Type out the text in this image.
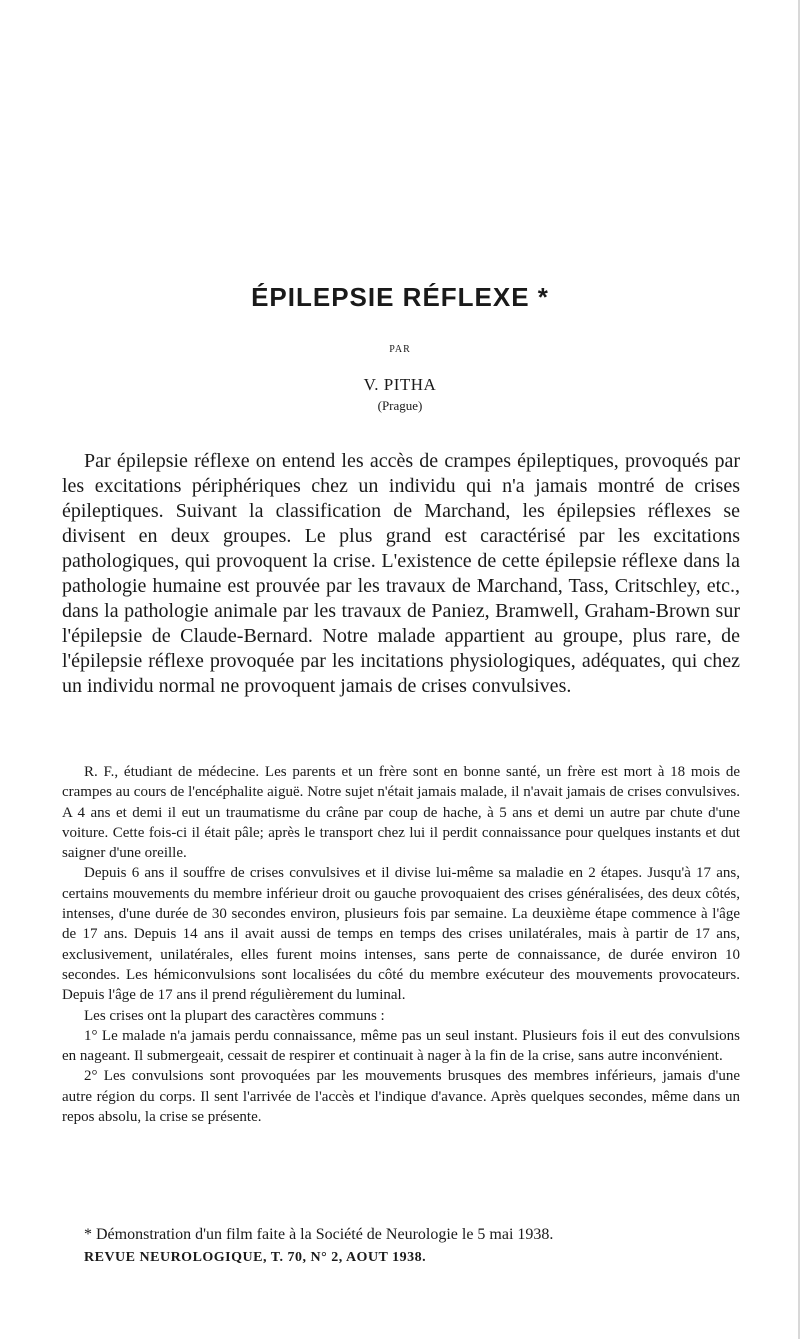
ÉPILEPSIE RÉFLEXE *
PAR
V. PITHA
(Prague)

Par épilepsie réflexe on entend les accès de crampes épileptiques, provoqués par les excitations périphériques chez un individu qui n'a jamais montré de crises épileptiques. Suivant la classification de Marchand, les épilepsies réflexes se divisent en deux groupes. Le plus grand est caractérisé par les excitations pathologiques, qui provoquent la crise. L'existence de cette épilepsie réflexe dans la pathologie humaine est prouvée par les travaux de Marchand, Tass, Critschley, etc., dans la pathologie animale par les travaux de Paniez, Bramwell, Graham-Brown sur l'épilepsie de Claude-Bernard. Notre malade appartient au groupe, plus rare, de l'épilepsie réflexe provoquée par les incitations physiologiques, adéquates, qui chez un individu normal ne provoquent jamais de crises convulsives.

R. F., étudiant de médecine. Les parents et un frère sont en bonne santé, un frère est mort à 18 mois de crampes au cours de l'encéphalite aiguë. Notre sujet n'était jamais malade, il n'avait jamais de crises convulsives. A 4 ans et demi il eut un traumatisme du crâne par coup de hache, à 5 ans et demi un autre par chute d'une voiture. Cette fois-ci il était pâle; après le transport chez lui il perdit connaissance pour quelques instants et dut saigner d'une oreille.

Depuis 6 ans il souffre de crises convulsives et il divise lui-même sa maladie en 2 étapes. Jusqu'à 17 ans, certains mouvements du membre inférieur droit ou gauche provoquaient des crises généralisées, des deux côtés, intenses, d'une durée de 30 secondes environ, plusieurs fois par semaine. La deuxième étape commence à l'âge de 17 ans. Depuis 14 ans il avait aussi de temps en temps des crises unilatérales, mais à partir de 17 ans, exclusivement, unilatérales, elles furent moins intenses, sans perte de connaissance, de durée environ 10 secondes. Les hémiconvulsions sont localisées du côté du membre exécuteur des mouvements provocateurs. Depuis l'âge de 17 ans il prend régulièrement du luminal.

Les crises ont la plupart des caractères communs :

1° Le malade n'a jamais perdu connaissance, même pas un seul instant. Plusieurs fois il eut des convulsions en nageant. Il submergeait, cessait de respirer et continuait à nager à la fin de la crise, sans autre inconvénient.

2° Les convulsions sont provoquées par les mouvements brusques des membres inférieurs, jamais d'une autre région du corps. Il sent l'arrivée de l'accès et l'indique d'avance. Après quelques secondes, même dans un repos absolu, la crise se présente.

* Démonstration d'un film faite à la Société de Neurologie le 5 mai 1938.
REVUE NEUROLOGIQUE, T. 70, N° 2, AOUT 1938.
